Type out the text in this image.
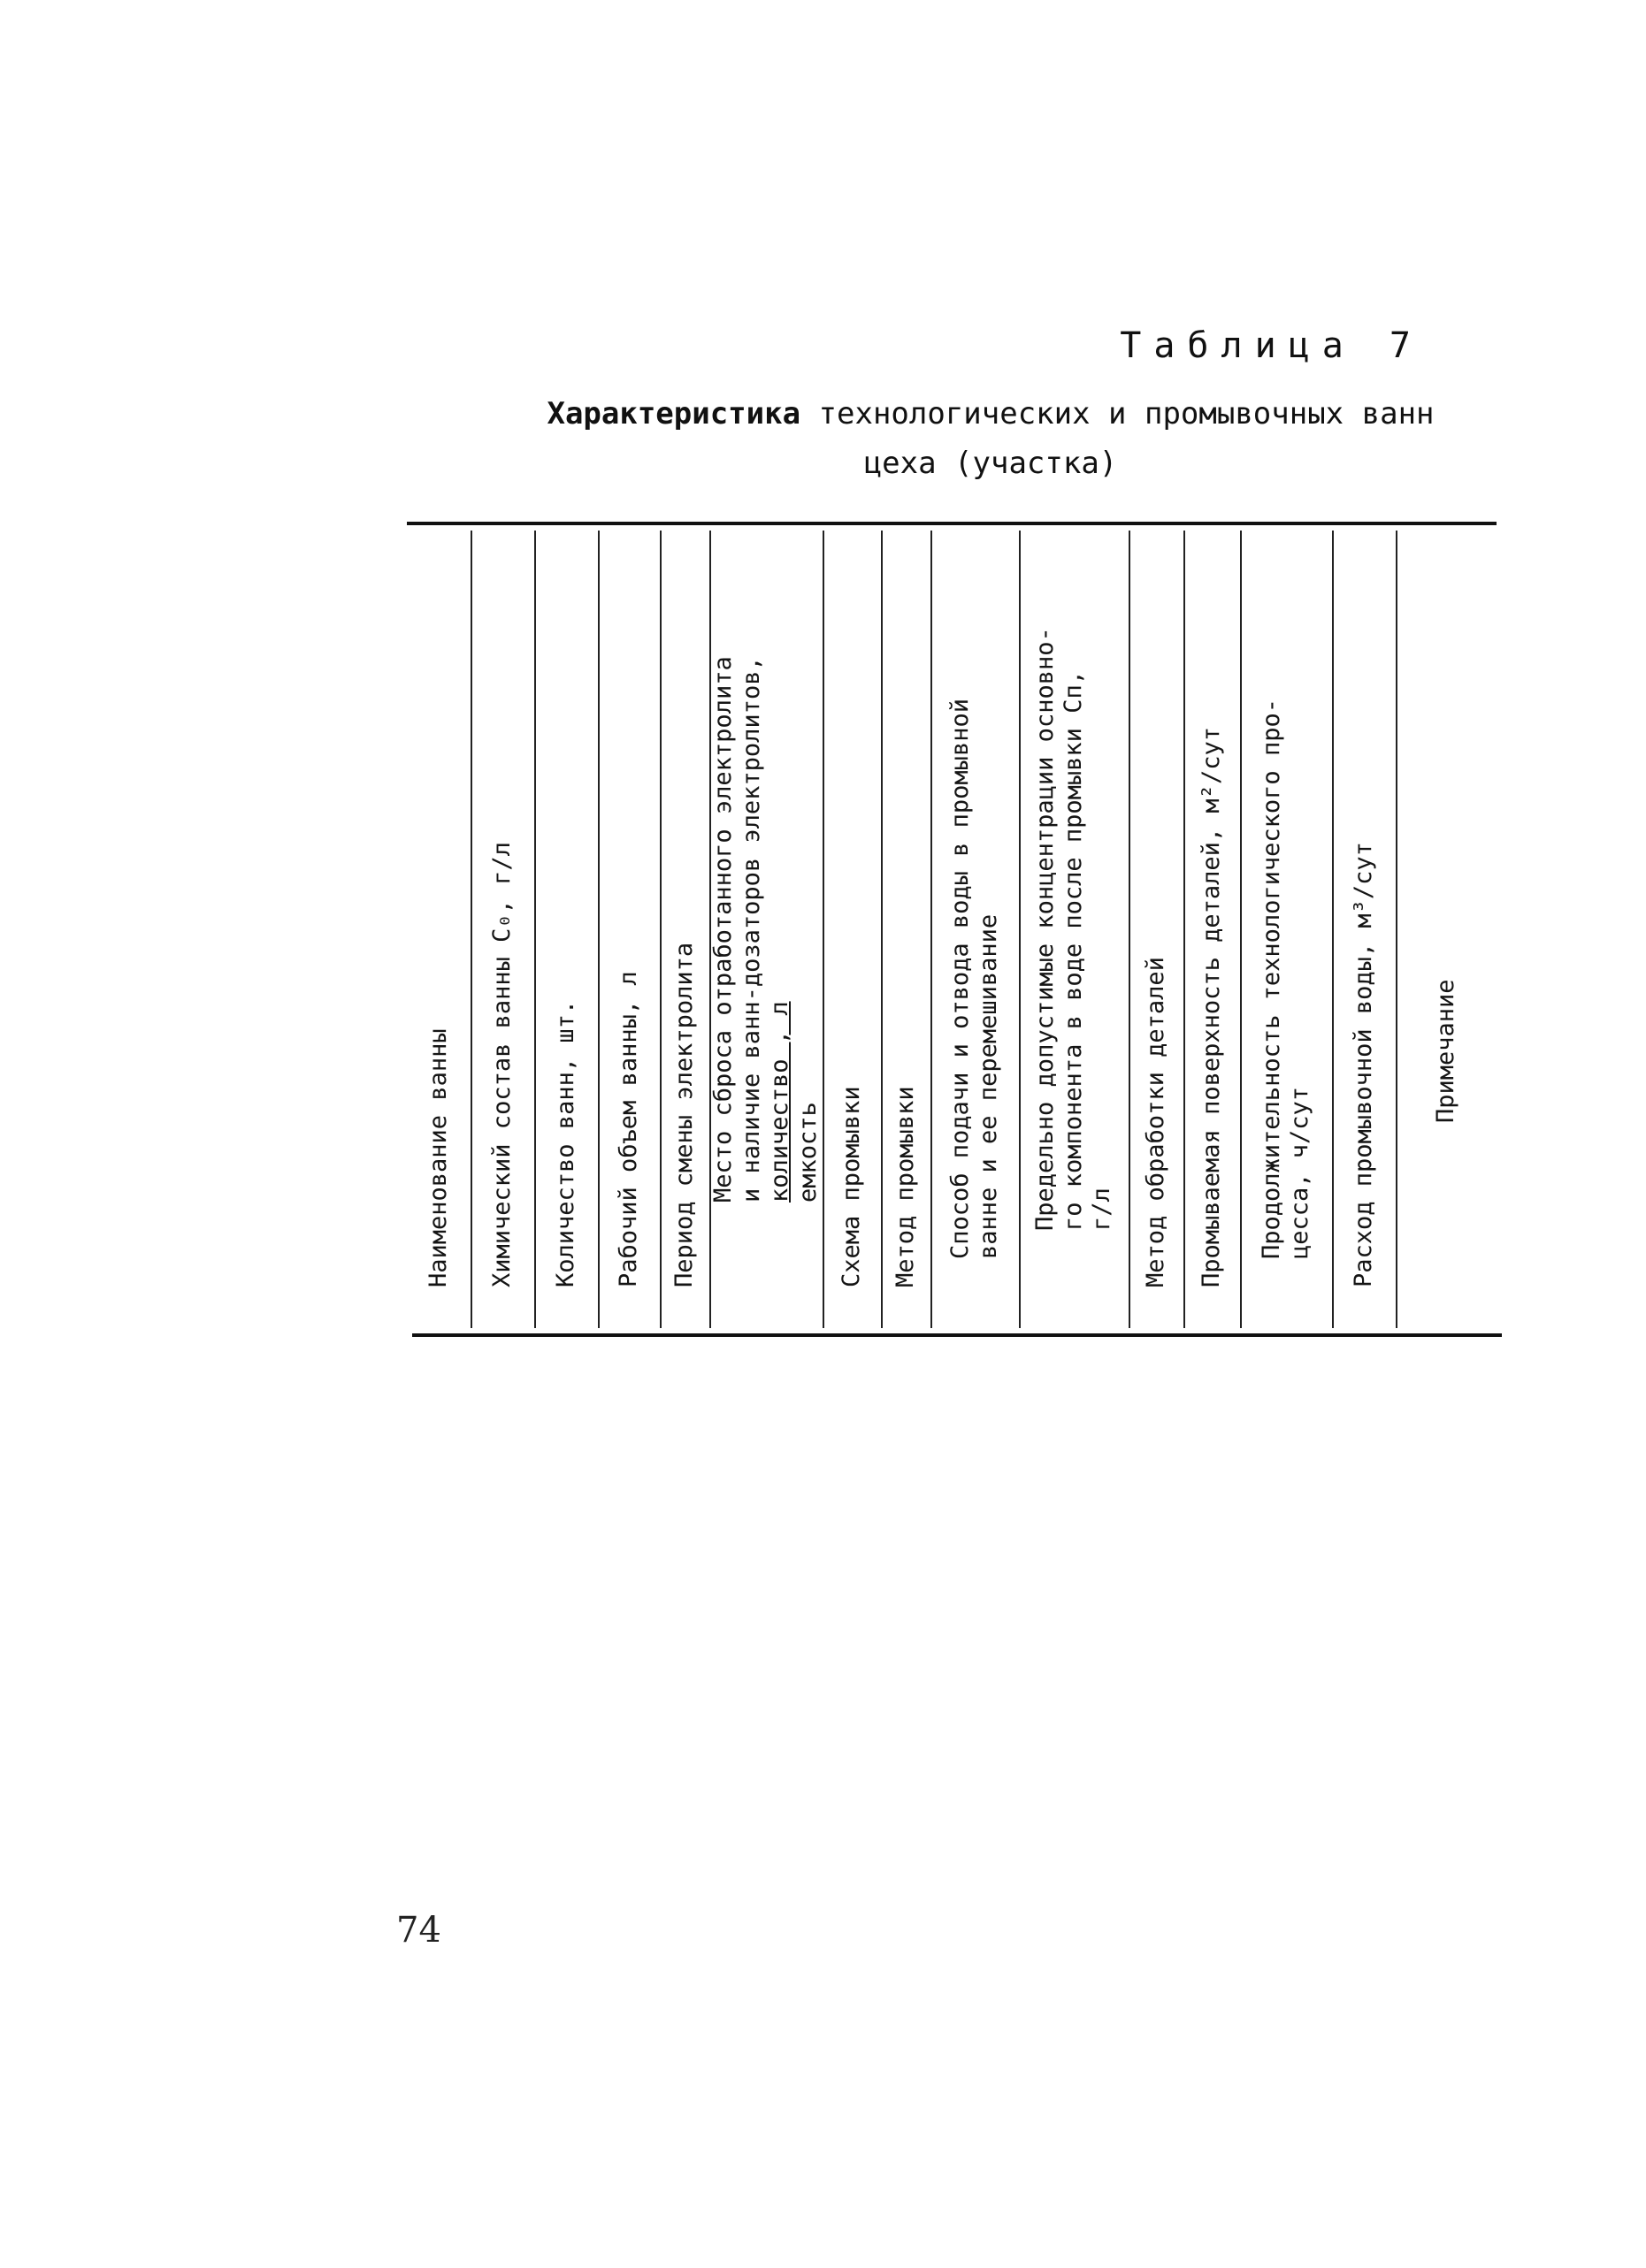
Таблица 7
Характеристика технологических и промывочных ванн
цеха (участка)
Наименование ванны Химический состав ванны C₀, г/л Количество ванн, шт. Рабочий объем ванны, л Период смены электролита Место сброса отработанного электролита и наличие ванн-дозаторов электролитов, количество , л емкость Схема промывки Метод промывки Способ подачи и отвода воды в промывной ванне и ее перемешивание Предельно допустимые концентрации основно- го компонента в воде после промывки Cп, г/л Метод обработки деталей Промываемая поверхность деталей, м²/сут Продолжительность технологического про- цесса, ч/сут Расход промывочной воды, м³/сут Примечание
74
